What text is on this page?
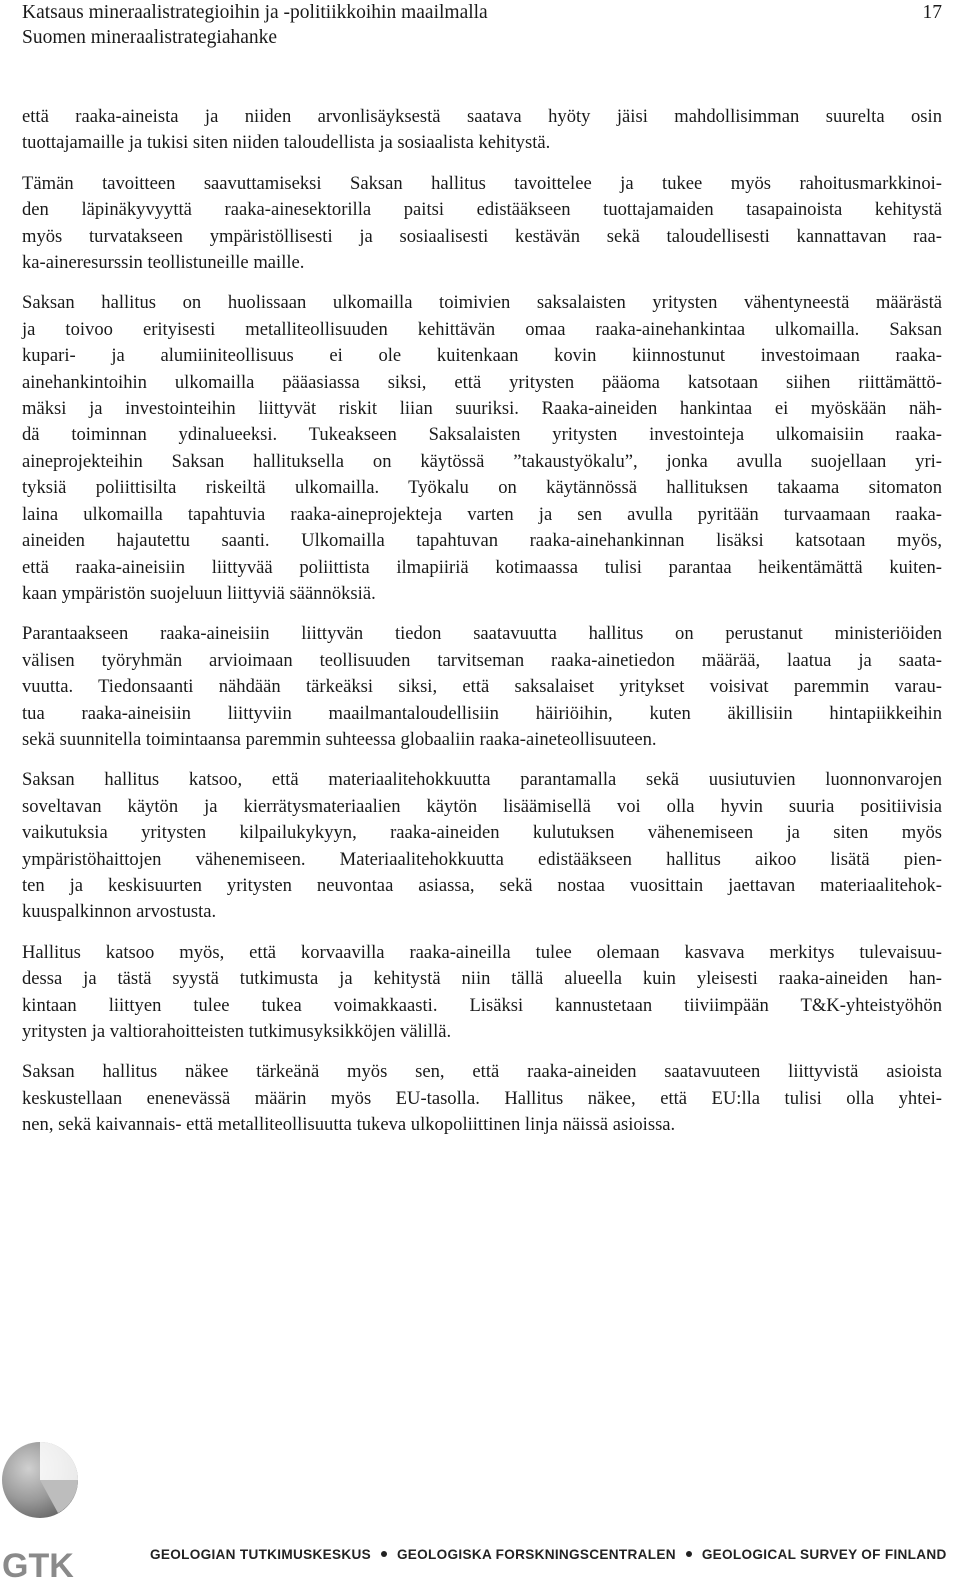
Katsaus mineraalistrategioihin ja -politiikkoihin maailmalla
Suomen mineraalistrategiahanke
17
että raaka-aineista ja niiden arvonlisäyksestä saatava hyöty jäisi mahdollisimman suurelta osin
tuottajamaille ja tukisi siten niiden taloudellista ja sosiaalista kehitystä.
Tämän tavoitteen saavuttamiseksi Saksan hallitus tavoittelee ja tukee myös rahoitusmarkkinoi-
den läpinäkyvyyttä raaka-ainesektorilla paitsi edistääkseen tuottajamaiden tasapainoista kehitystä
myös turvatakseen ympäristöllisesti ja sosiaalisesti kestävän sekä taloudellisesti kannattavan raa-
ka-aineresurssin teollistuneille maille.
Saksan hallitus on huolissaan ulkomailla toimivien saksalaisten yritysten vähentyneestä määrästä
ja toivoo erityisesti metalliteollisuuden kehittävän omaa raaka-ainehankintaa ulkomailla. Saksan
kupari- ja alumiiniteollisuus ei ole kuitenkaan kovin kiinnostunut investoimaan raaka-
ainehankintoihin ulkomailla pääasiassa siksi, että yritysten pääoma katsotaan siihen riittämättö-
mäksi ja investointeihin liittyvät riskit liian suuriksi. Raaka-aineiden hankintaa ei myöskään näh-
dä toiminnan ydinalueeksi. Tukeakseen Saksalaisten yritysten investointeja ulkomaisiin raaka-
aineprojekteihin Saksan hallituksella on käytössä ”takaustyökalu”, jonka avulla suojellaan yri-
tyksiä poliittisilta riskeiltä ulkomailla. Työkalu on käytännössä hallituksen takaama sitomaton
laina ulkomailla tapahtuvia raaka-aineprojekteja varten ja sen avulla pyritään turvaamaan raaka-
aineiden hajautettu saanti. Ulkomailla tapahtuvan raaka-ainehankinnan lisäksi katsotaan myös,
että raaka-aineisiin liittyvää poliittista ilmapiiriä kotimaassa tulisi parantaa heikentämättä kuiten-
kaan ympäristön suojeluun liittyviä säännöksiä.
Parantaakseen raaka-aineisiin liittyvän tiedon saatavuutta hallitus on perustanut ministeriöiden
välisen työryhmän arvioimaan teollisuuden tarvitseman raaka-ainetiedon määrää, laatua ja saata-
vuutta. Tiedonsaanti nähdään tärkeäksi siksi, että saksalaiset yritykset voisivat paremmin varau-
tua raaka-aineisiin liittyviin maailmantaloudellisiin häiriöihin, kuten äkillisiin hintapiikkeihin
sekä suunnitella toimintaansa paremmin suhteessa globaaliin raaka-aineteollisuuteen.
Saksan hallitus katsoo, että materiaalitehokkuutta parantamalla sekä uusiutuvien luonnonvarojen
soveltavan käytön ja kierrätysmateriaalien käytön lisäämisellä voi olla hyvin suuria positiivisia
vaikutuksia yritysten kilpailukykyyn, raaka-aineiden kulutuksen vähenemiseen ja siten myös
ympäristöhaittojen vähenemiseen. Materiaalitehokkuutta edistääkseen hallitus aikoo lisätä pien-
ten ja keskisuurten yritysten neuvontaa asiassa, sekä nostaa vuosittain jaettavan materiaalitehok-
kuuspalkinnon arvostusta.
Hallitus katsoo myös, että korvaavilla raaka-aineilla tulee olemaan kasvava merkitys tulevaisuu-
dessa ja tästä syystä tutkimusta ja kehitystä niin tällä alueella kuin yleisesti raaka-aineiden han-
kintaan liittyen tulee tukea voimakkaasti. Lisäksi kannustetaan tiiviimpään T&K-yhteistyöhön
yritysten ja valtiorahoitteisten tutkimusyksikköjen välillä.
Saksan hallitus näkee tärkeänä myös sen, että raaka-aineiden saatavuuteen liittyvistä asioista
keskustellaan enenevässä määrin myös EU-tasolla. Hallitus näkee, että EU:lla tulisi olla yhtei-
nen, sekä kaivannais- että metalliteollisuutta tukeva ulkopoliittinen linja näissä asioissa.
GTK	GEOLOGIAN TUTKIMUSKESKUS GEOLOGISKA FORSKNINGSCENTRALEN GEOLOGICAL SURVEY OF FINLAND
